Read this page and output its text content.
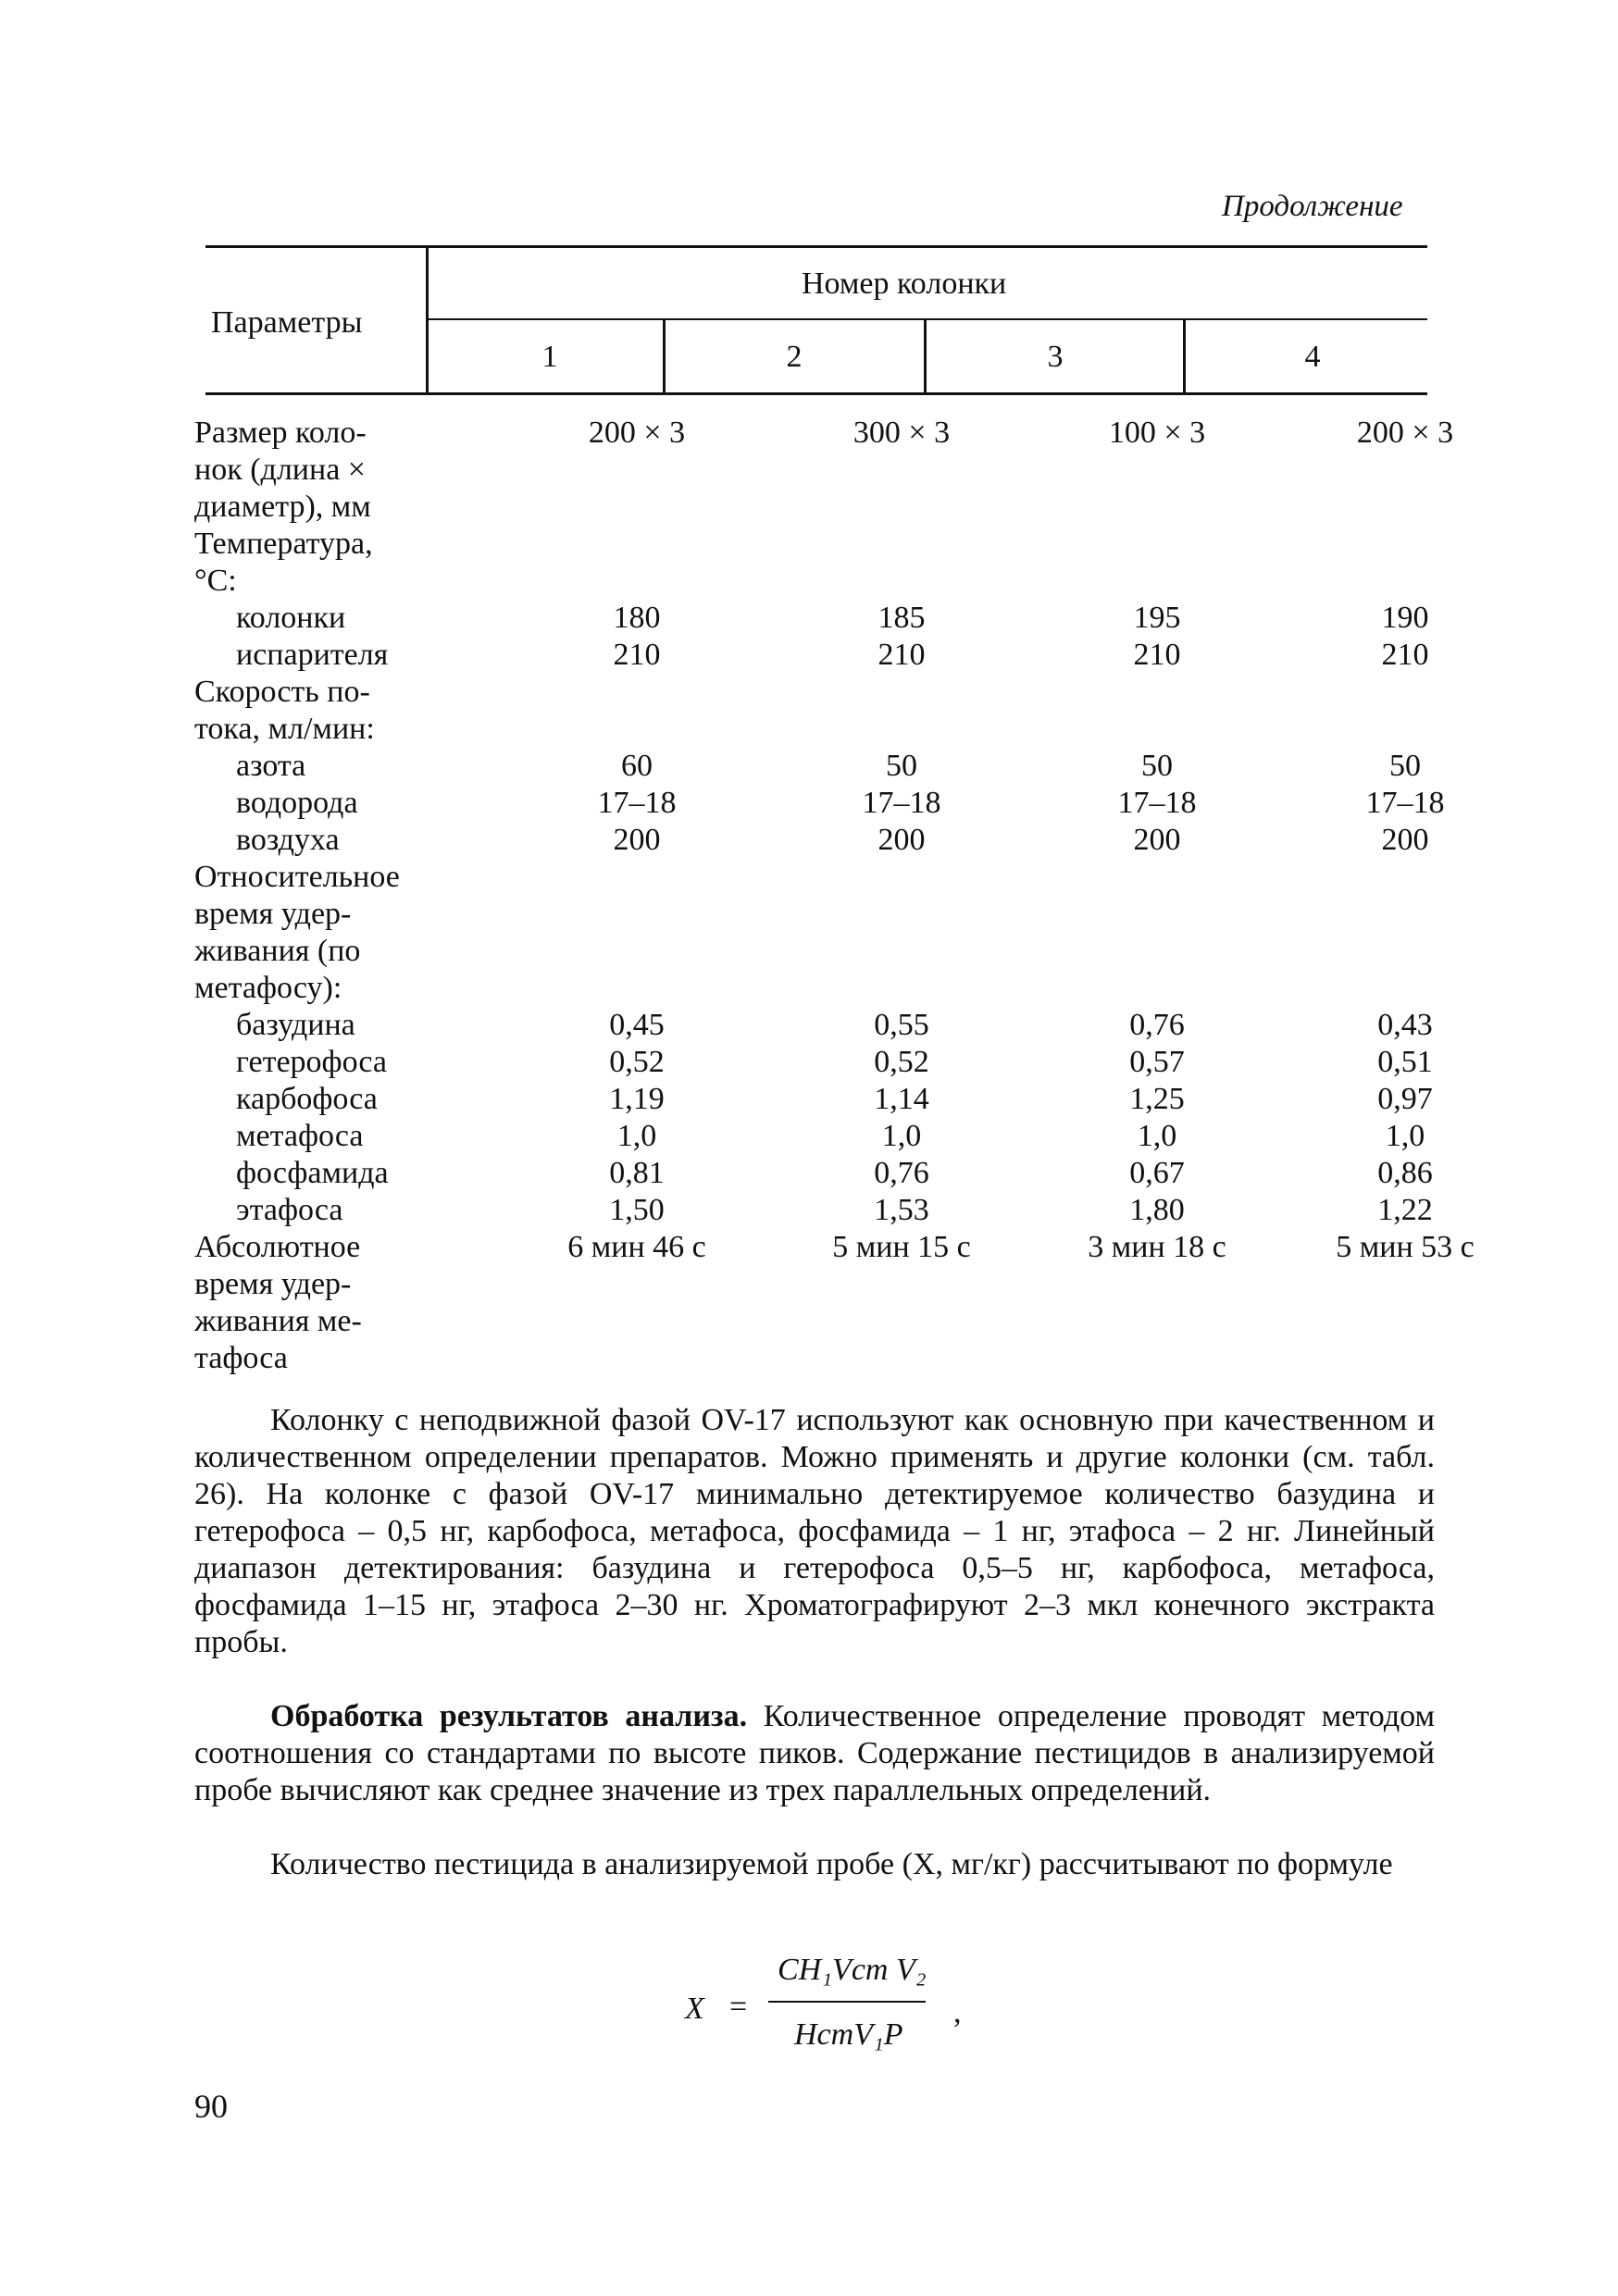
Продолжение
Параметры
Номер колонки
1	2	3	4
Размер коло-	200 × 3	300 × 3	100 × 3	200 × 3
нок (длина ×
диаметр), мм
Температура,
°С:
колонки	180	185	195	190
испарителя	210	210	210	210
Скорость по-
тока, мл/мин:
азота	60	50	50	50
водорода	17–18	17–18	17–18	17–18
воздуха	200	200	200	200
Относительное
время удер-
живания (по
метафосу):
базудина	0,45	0,55	0,76	0,43
гетерофоса	0,52	0,52	0,57	0,51
карбофоса	1,19	1,14	1,25	0,97
метафоса	1,0	1,0	1,0	1,0
фосфамида	0,81	0,76	0,67	0,86
этафоса	1,50	1,53	1,80	1,22
Абсолютное	6 мин 46 с	5 мин 15 с	3 мин 18 с	5 мин 53 с
время удер-
живания ме-
тафоса

Колонку с неподвижной фазой OV-17 используют как основную при качественном и количественном определении препаратов. Можно применять и другие колонки (см. табл. 26). На колонке с фазой OV-17 минимально детектируемое количество базудина и гетерофоса – 0,5 нг, карбофоса, метафоса, фосфамида – 1 нг, этафоса – 2 нг. Линейный диапазон детектирования: базудина и гетерофоса 0,5–5 нг, карбофоса, метафоса, фосфамида 1–15 нг, этафоса 2–30 нг. Хроматографируют 2–3 мкл конечного экстракта пробы.

Обработка результатов анализа. Количественное определение проводят методом соотношения со стандартами по высоте пиков. Содержание пестицидов в анализируемой пробе вычисляют как среднее значение из трех параллельных определений.

Количество пестицида в анализируемой пробе (X, мг/кг) рассчитывают по формуле

X =
CH₁Vст V₂
HстV₁P
,
90
